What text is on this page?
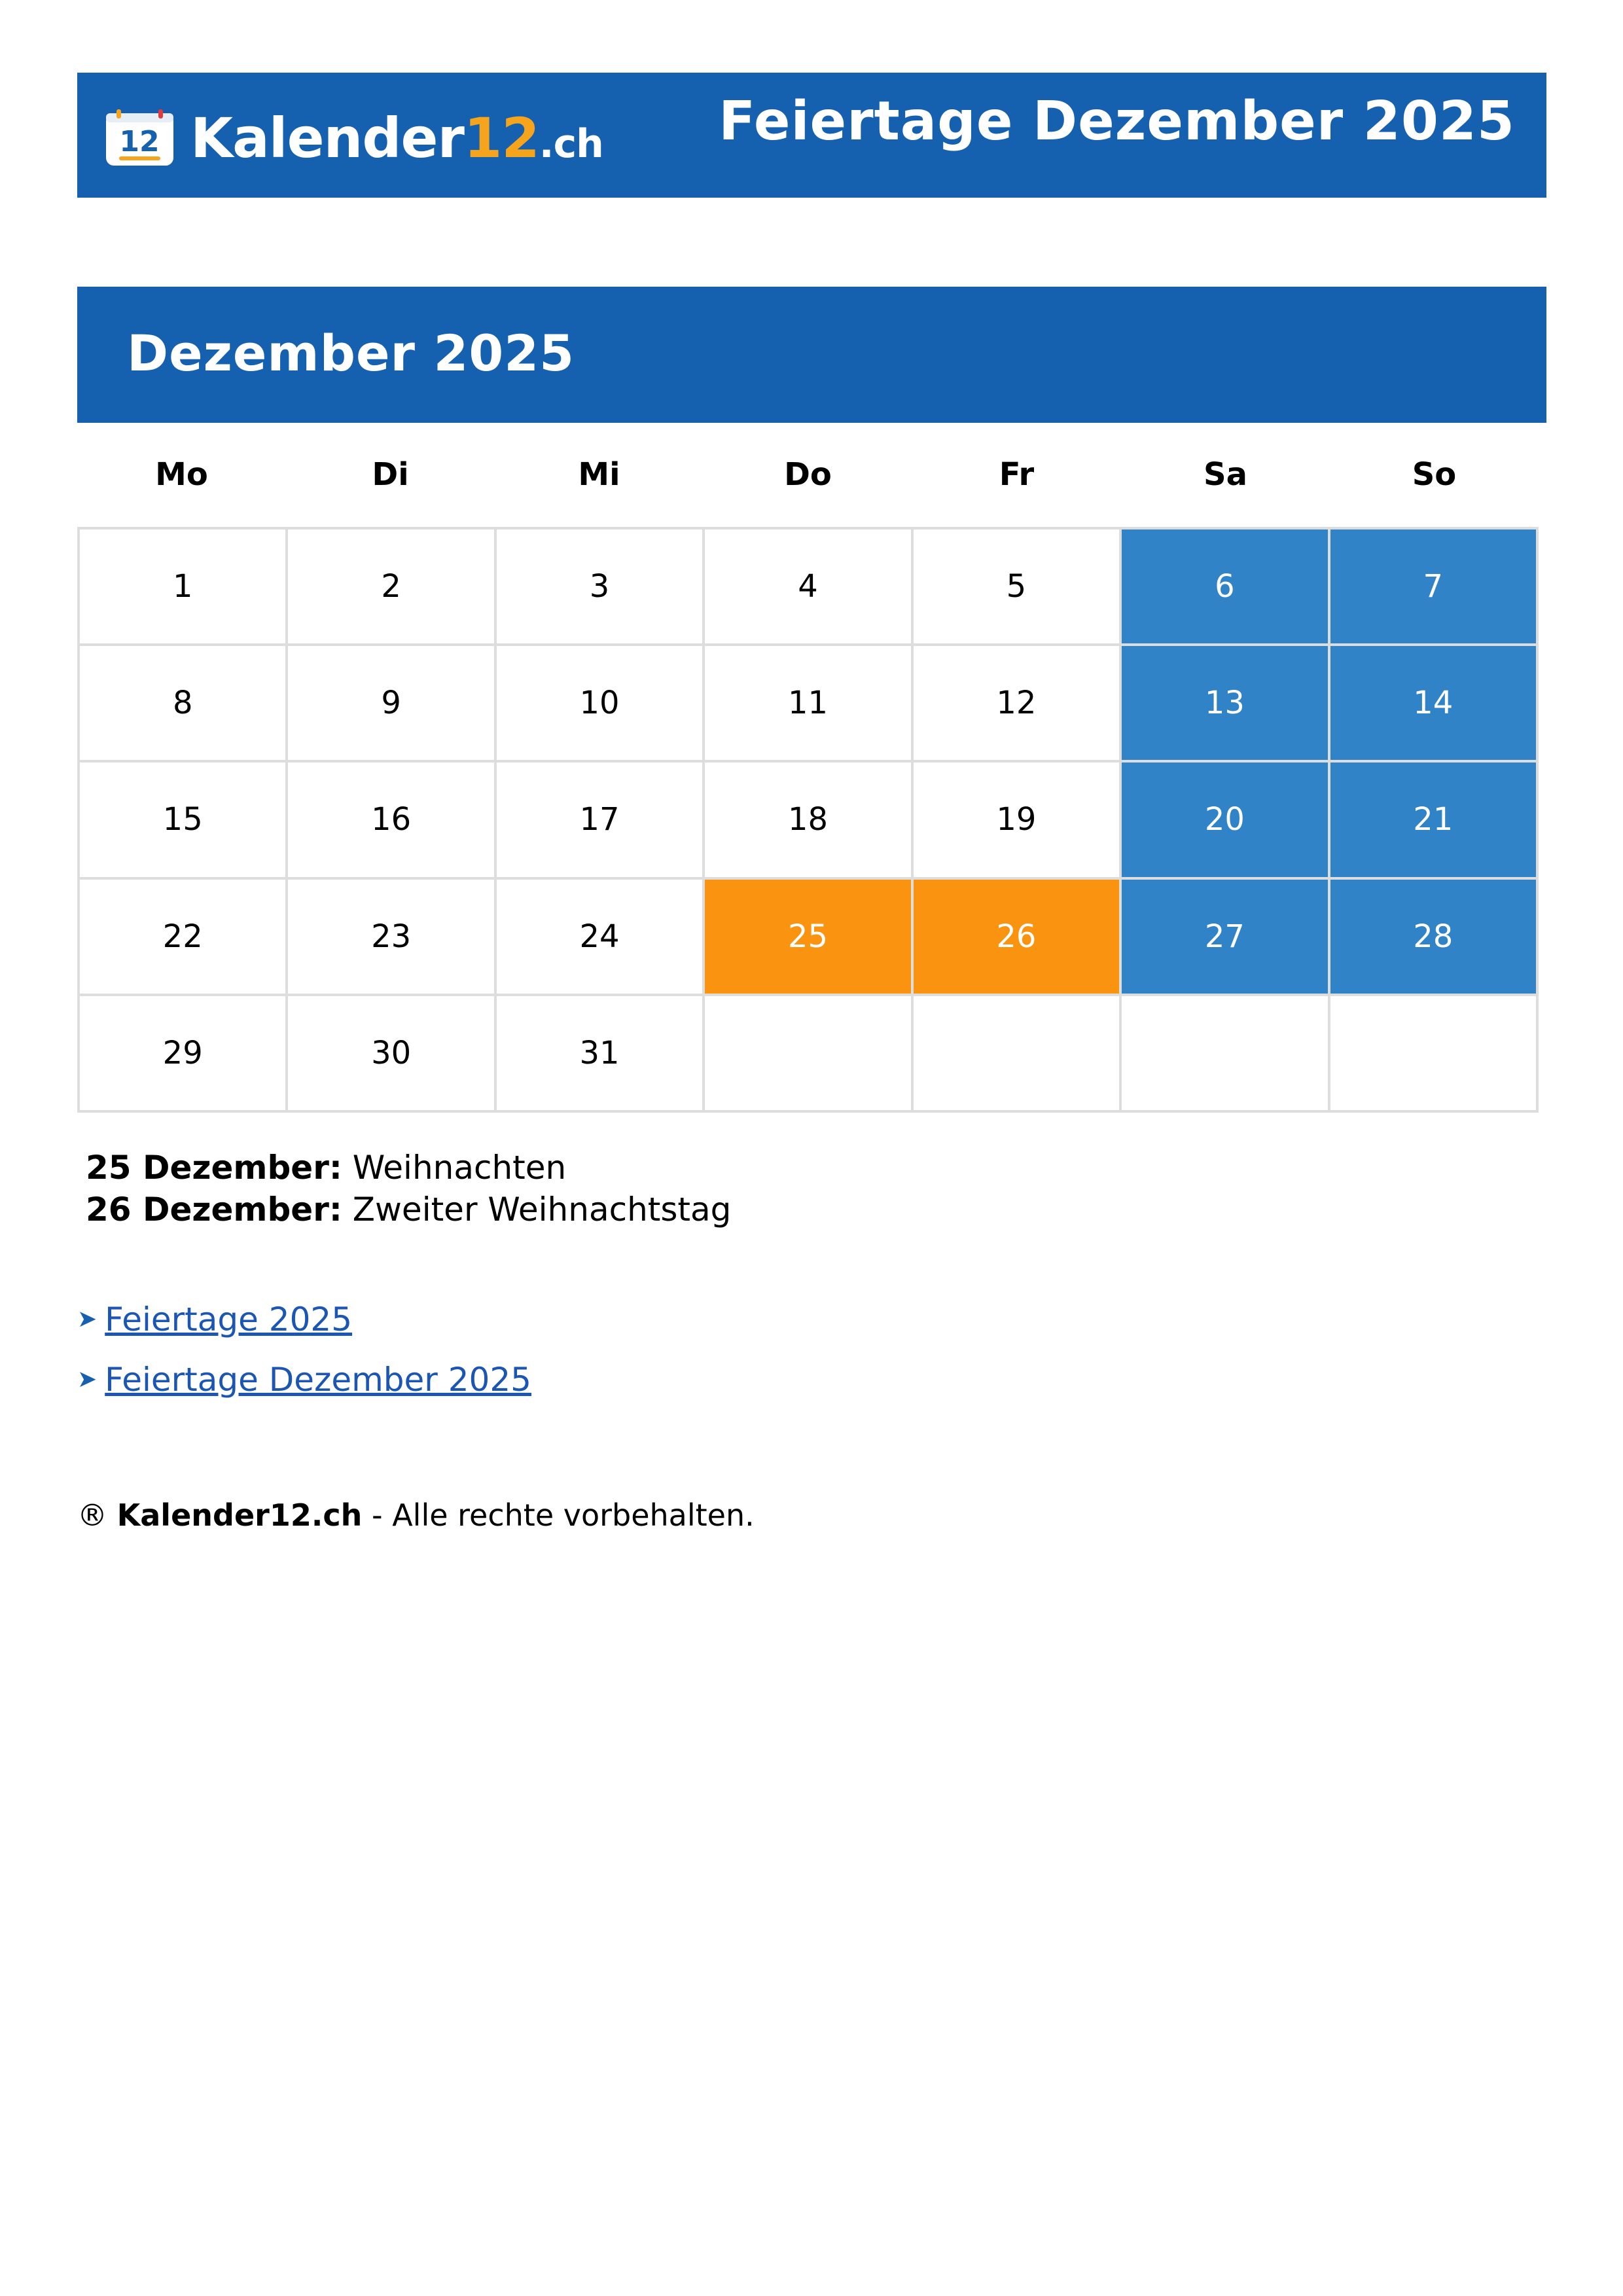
12 Kalender12.ch Feiertage Dezember 2025
Dezember 2025
Mo	Di	Mi	Do	Fr	Sa	So
1	2	3	4	5	6	7
8	9	10	11	12	13	14
15	16	17	18	19	20	21
22	23	24	25	26	27	28
29	30	31
25 Dezember: Weihnachten
26 Dezember: Zweiter Weihnachtstag
➤ Feiertage 2025
➤ Feiertage Dezember 2025
® Kalender12.ch - Alle rechte vorbehalten.
